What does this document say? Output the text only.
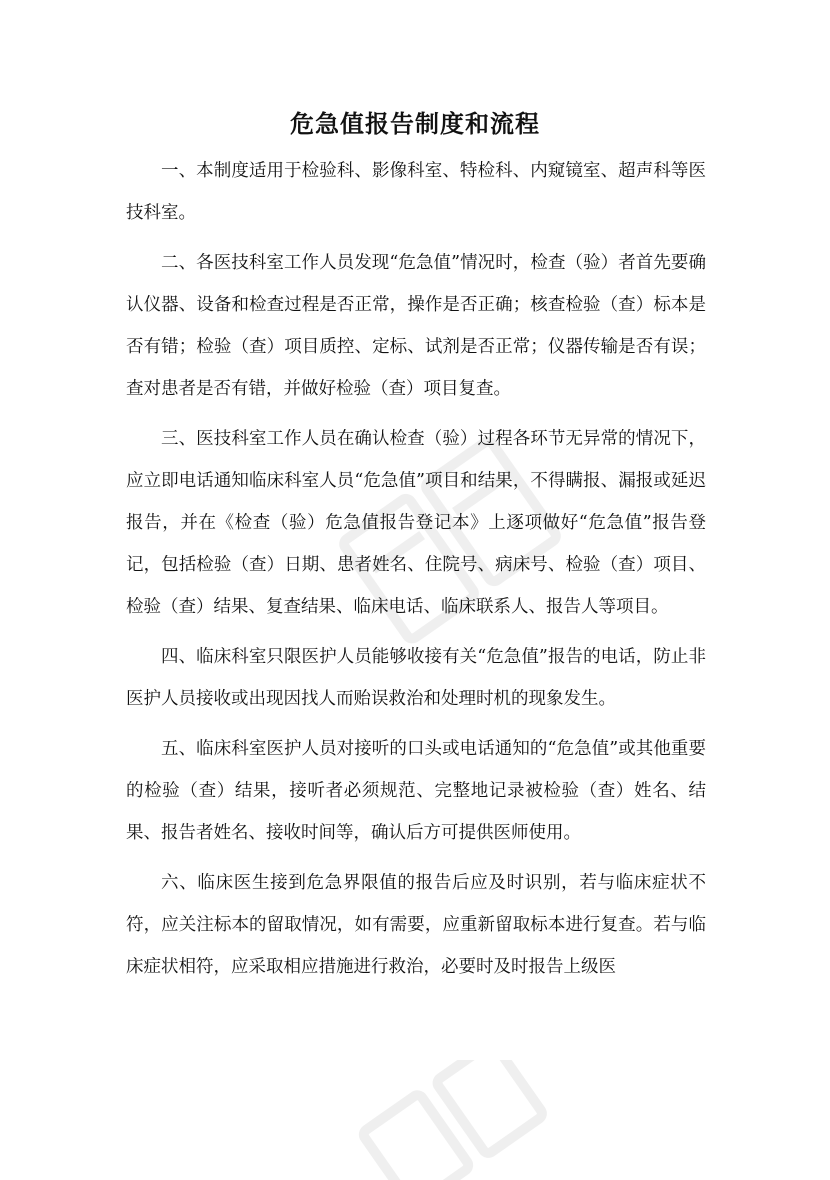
危急值报告制度和流程

一、本制度适用于检验科、影像科室、特检科、内窥镜室、超声科等医技科室。

二、各医技科室工作人员发现“危急值”情况时，检查（验）者首先要确认仪器、设备和检查过程是否正常，操作是否正确；核查检验（查）标本是否有错；检验（查）项目质控、定标、试剂是否正常；仪器传输是否有误；查对患者是否有错，并做好检验（查）项目复查。

三、医技科室工作人员在确认检查（验）过程各环节无异常的情况下，应立即电话通知临床科室人员“危急值”项目和结果，不得瞒报、漏报或延迟报告，并在《检查（验）危急值报告登记本》上逐项做好“危急值”报告登记，包括检验（查）日期、患者姓名、住院号、病床号、检验（查）项目、检验（查）结果、复查结果、临床电话、临床联系人、报告人等项目。

四、临床科室只限医护人员能够收接有关“危急值”报告的电话，防止非医护人员接收或出现因找人而贻误救治和处理时机的现象发生。

五、临床科室医护人员对接听的口头或电话通知的“危急值”或其他重要的检验（查）结果，接听者必须规范、完整地记录被检验（查）姓名、结果、报告者姓名、接收时间等，确认后方可提供医师使用。

六、临床医生接到危急界限值的报告后应及时识别，若与临床症状不符，应关注标本的留取情况，如有需要，应重新留取标本进行复查。若与临床症状相符，应采取相应措施进行救治，必要时及时报告上级医
